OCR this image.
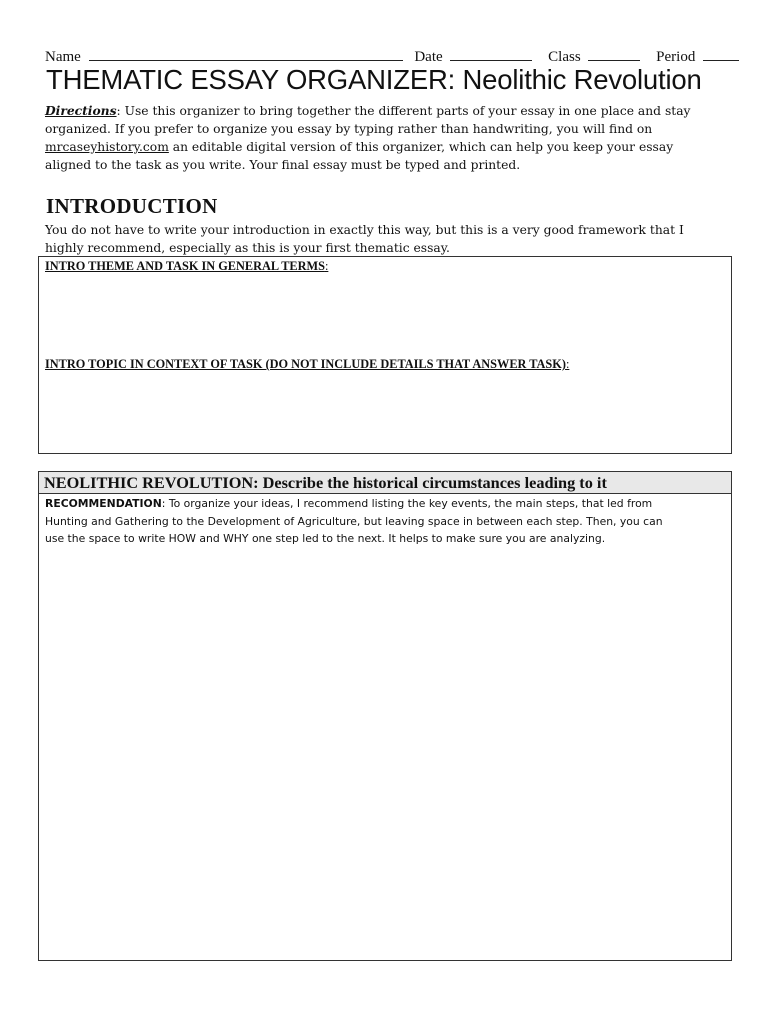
Name	Date	Class	Period
THEMATIC ESSAY ORGANIZER: Neolithic Revolution
Directions: Use this organizer to bring together the different parts of your essay in one place and stay
organized. If you prefer to organize you essay by typing rather than handwriting, you will find on
mrcaseyhistory.com an editable digital version of this organizer, which can help you keep your essay
aligned to the task as you write. Your final essay must be typed and printed.
INTRODUCTION
You do not have to write your introduction in exactly this way, but this is a very good framework that I
highly recommend, especially as this is your first thematic essay.
INTRO THEME AND TASK IN GENERAL TERMS:
INTRO TOPIC IN CONTEXT OF TASK (DO NOT INCLUDE DETAILS THAT ANSWER TASK):
NEOLITHIC REVOLUTION: Describe the historical circumstances leading to it
RECOMMENDATION: To organize your ideas, I recommend listing the key events, the main steps, that led from
Hunting and Gathering to the Development of Agriculture, but leaving space in between each step. Then, you can
use the space to write HOW and WHY one step led to the next. It helps to make sure you are analyzing.
